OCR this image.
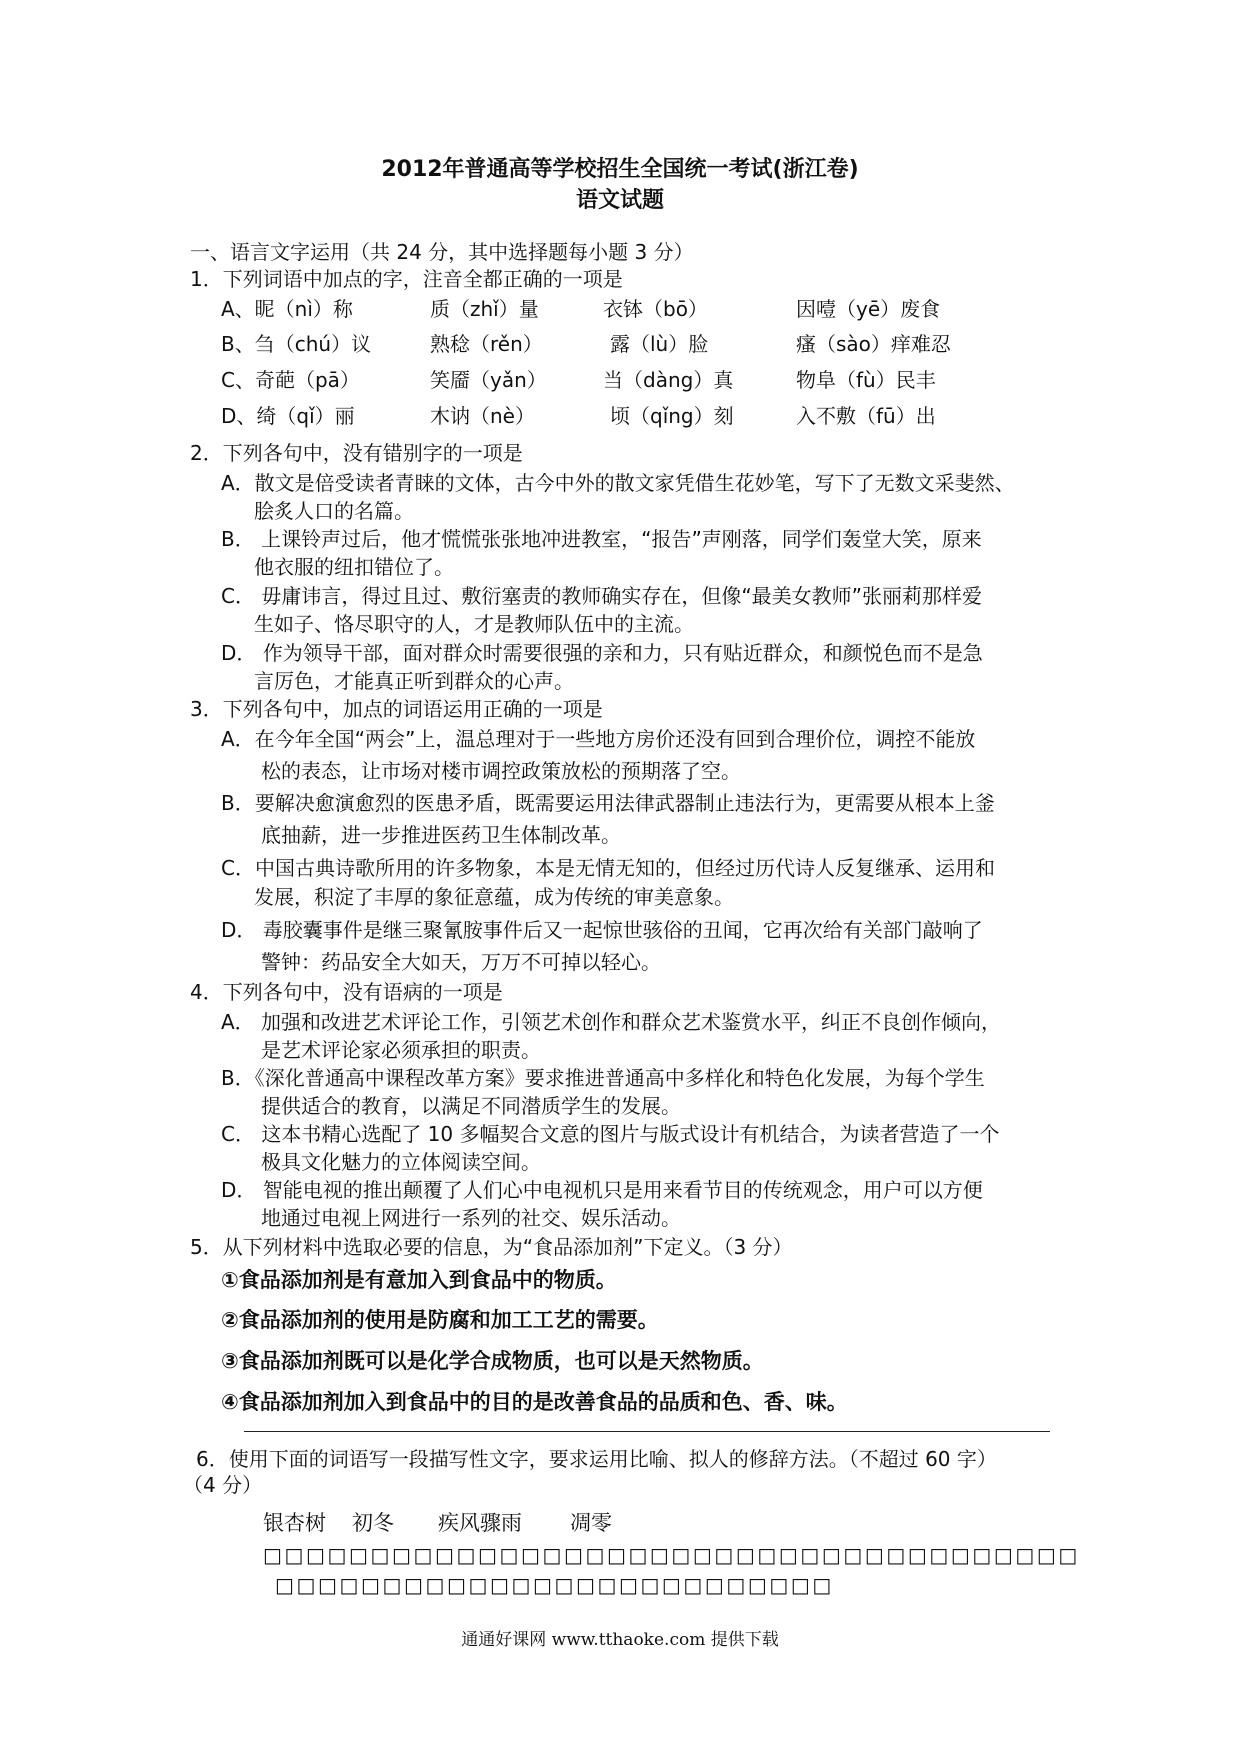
2012年普通高等学校招生全国统一考试(浙江卷)
语文试题
一、语言文字运用（共 24 分，其中选择题每小题 3 分）
1．下列词语中加点的字，注音全都正确的一项是
A、昵（nì）称	质（zhǐ）量	衣钵（bō）	因噎（yē）废食
B、刍（chú）议	熟稔（rěn）	露（lù）脸	瘙（sào）痒难忍
C、奇葩（pā）	笑靥（yǎn）	当（dàng）真	物阜（fù）民丰
D、绮（qǐ）丽	木讷（nè）	顷（qǐng）刻	入不敷（fū）出
2．下列各句中，没有错别字的一项是
A．散文是倍受读者青睐的文体，古今中外的散文家凭借生花妙笔，写下了无数文采斐然、
脍炙人口的名篇。
B． 上课铃声过后，他才慌慌张张地冲进教室，“报告”声刚落，同学们轰堂大笑，原来
他衣服的纽扣错位了。
C． 毋庸讳言，得过且过、敷衍塞责的教师确实存在，但像“最美女教师”张丽莉那样爱
生如子、恪尽职守的人，才是教师队伍中的主流。
D． 作为领导干部，面对群众时需要很强的亲和力，只有贴近群众，和颜悦色而不是急
言厉色，才能真正听到群众的心声。
3．下列各句中，加点的词语运用正确的一项是
A．在今年全国“两会”上，温总理对于一些地方房价还没有回到合理价位，调控不能放
松的表态，让市场对楼市调控政策放松的预期落了空。
B．要解决愈演愈烈的医患矛盾，既需要运用法律武器制止违法行为，更需要从根本上釜
底抽薪，进一步推进医药卫生体制改革。
C．中国古典诗歌所用的许多物象，本是无情无知的，但经过历代诗人反复继承、运用和
发展，积淀了丰厚的象征意蕴，成为传统的审美意象。
D． 毒胶囊事件是继三聚氰胺事件后又一起惊世骇俗的丑闻，它再次给有关部门敲响了
警钟：药品安全大如天，万万不可掉以轻心。
4．下列各句中，没有语病的一项是
A． 加强和改进艺术评论工作，引领艺术创作和群众艺术鉴赏水平，纠正不良创作倾向，
是艺术评论家必须承担的职责。
B．《深化普通高中课程改革方案》要求推进普通高中多样化和特色化发展，为每个学生
提供适合的教育，以满足不同潜质学生的发展。
C． 这本书精心选配了 10 多幅契合文意的图片与版式设计有机结合，为读者营造了一个
极具文化魅力的立体阅读空间。
D． 智能电视的推出颠覆了人们心中电视机只是用来看节目的传统观念，用户可以方便
地通过电视上网进行一系列的社交、娱乐活动。
5．从下列材料中选取必要的信息，为“食品添加剂”下定义。（3 分）
①食品添加剂是有意加入到食品中的物质。
②食品添加剂的使用是防腐和加工工艺的需要。
③食品添加剂既可以是化学合成物质，也可以是天然物质。
④食品添加剂加入到食品中的目的是改善食品的品质和色、香、味。
6．使用下面的词语写一段描写性文字，要求运用比喻、拟人的修辞方法。（不超过 60 字）
（4 分）
银杏树 初冬 疾风骤雨 凋零
□□□□□□□□□□□□□□□□□□□□□□□□□□□□□□□□□□□□□□
□□□□□□□□□□□□□□□□□□□□□□□□□□
通通好课网 www.tthaoke.com 提供下载
